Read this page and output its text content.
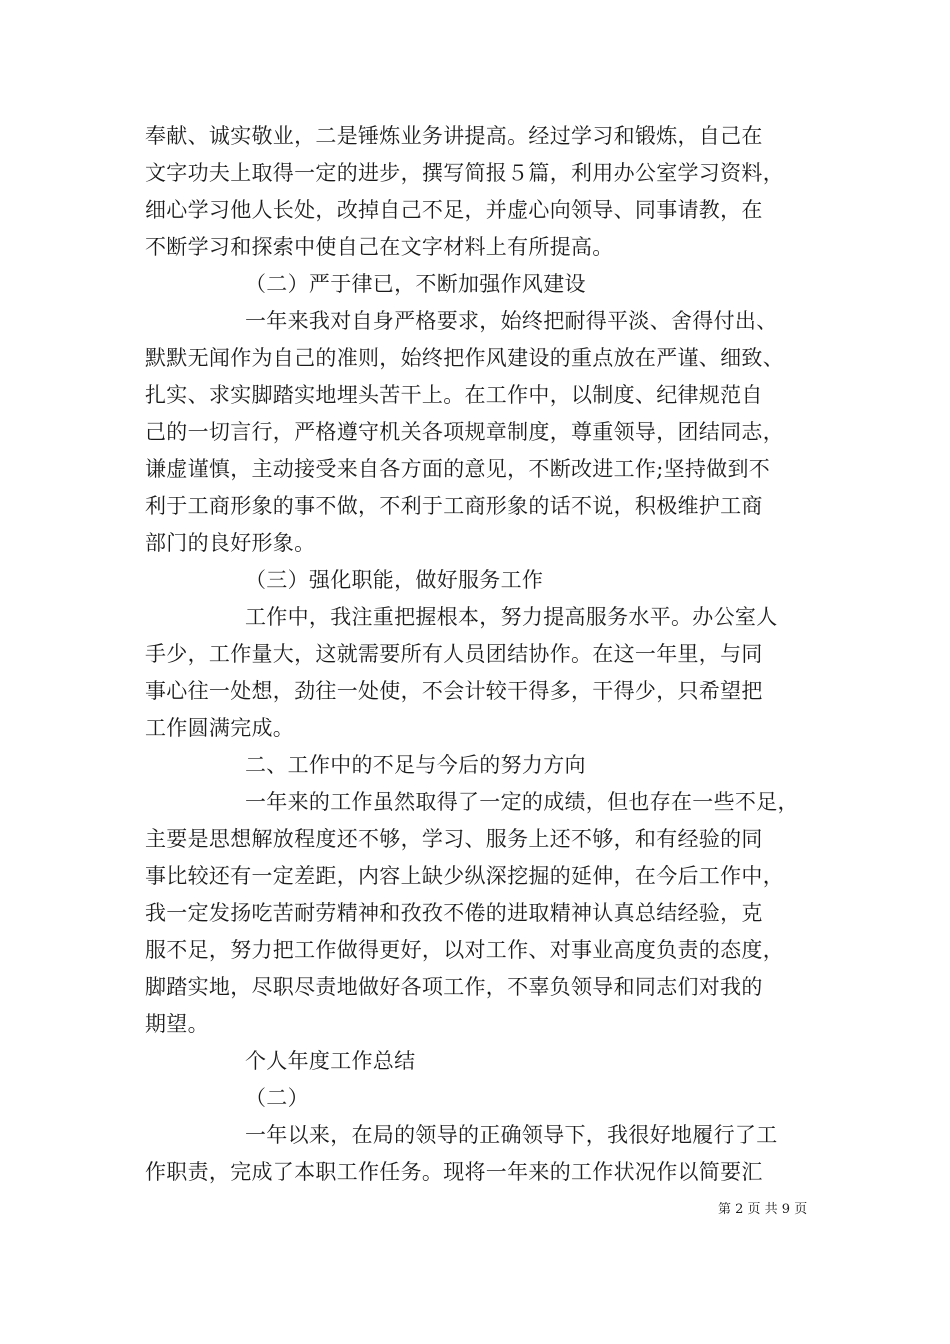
奉献、诚实敬业，二是锤炼业务讲提高。经过学习和锻炼，自己在
文字功夫上取得一定的进步，撰写简报５篇，利用办公室学习资料，
细心学习他人长处，改掉自己不足，并虚心向领导、同事请教，在
不断学习和探索中使自己在文字材料上有所提高。
（二）严于律已，不断加强作风建设
一年来我对自身严格要求，始终把耐得平淡、舍得付出、
默默无闻作为自己的准则，始终把作风建设的重点放在严谨、细致、
扎实、求实脚踏实地埋头苦干上。在工作中，以制度、纪律规范自
己的一切言行，严格遵守机关各项规章制度，尊重领导，团结同志，
谦虚谨慎，主动接受来自各方面的意见，不断改进工作;坚持做到不
利于工商形象的事不做，不利于工商形象的话不说，积极维护工商
部门的良好形象。
（三）强化职能，做好服务工作
工作中，我注重把握根本，努力提高服务水平。办公室人
手少，工作量大，这就需要所有人员团结协作。在这一年里，与同
事心往一处想，劲往一处使，不会计较干得多，干得少，只希望把
工作圆满完成。
二、工作中的不足与今后的努力方向
一年来的工作虽然取得了一定的成绩，但也存在一些不足，
主要是思想解放程度还不够，学习、服务上还不够，和有经验的同
事比较还有一定差距，内容上缺少纵深挖掘的延伸，在今后工作中，
我一定发扬吃苦耐劳精神和孜孜不倦的进取精神认真总结经验，克
服不足，努力把工作做得更好，以对工作、对事业高度负责的态度，
脚踏实地，尽职尽责地做好各项工作，不辜负领导和同志们对我的
期望。
个人年度工作总结
（二）
一年以来，在局的领导的正确领导下，我很好地履行了工
作职责，完成了本职工作任务。现将一年来的工作状况作以简要汇
第 2 页 共 9 页
